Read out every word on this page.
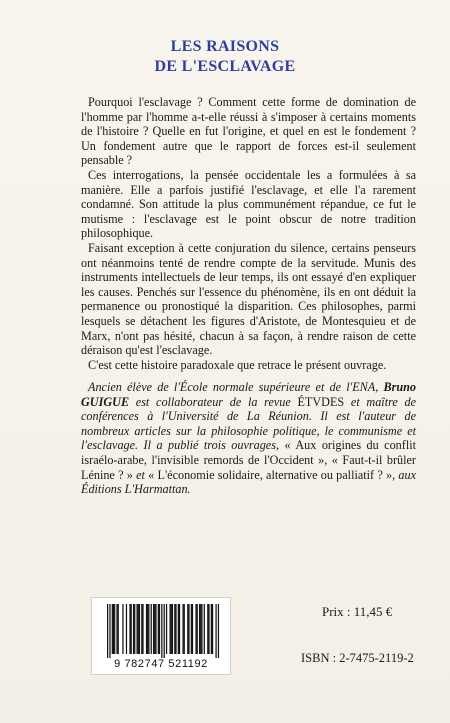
LES RAISONS
DE L'ESCLAVAGE

Pourquoi l'esclavage ? Comment cette forme de domination de l'homme par l'homme a-t-elle réussi à s'imposer à certains moments de l'histoire ? Quelle en fut l'origine, et quel en est le fondement ? Un fondement autre que le rapport de forces est-il seulement pensable ?

Ces interrogations, la pensée occidentale les a formulées à sa manière. Elle a parfois justifié l'esclavage, et elle l'a rarement condamné. Son attitude la plus communément répandue, ce fut le mutisme : l'esclavage est le point obscur de notre tradition philosophique.

Faisant exception à cette conjuration du silence, certains penseurs ont néanmoins tenté de rendre compte de la servitude. Munis des instruments intellectuels de leur temps, ils ont essayé d'en expliquer les causes. Penchés sur l'essence du phénomène, ils en ont déduit la permanence ou pronostiqué la disparition. Ces philosophes, parmi lesquels se détachent les figures d'Aristote, de Montesquieu et de Marx, n'ont pas hésité, chacun à sa façon, à rendre raison de cette déraison qu'est l'esclavage.

C'est cette histoire paradoxale que retrace le présent ouvrage.

Ancien élève de l'École normale supérieure et de l'ENA, Bruno GUIGUE est collaborateur de la revue ÉTVDES et maître de conférences à l'Université de La Réunion. Il est l'auteur de nombreux articles sur la philosophie politique, le communisme et l'esclavage. Il a publié trois ouvrages, « Aux origines du conflit israélo-arabe, l'invisible remords de l'Occident », « Faut-t-il brûler Lénine ? » et « L'économie solidaire, alternative ou palliatif ? », aux Éditions L'Harmattan.

9 782747 521192
Prix : 11,45 €
ISBN : 2-7475-2119-2
